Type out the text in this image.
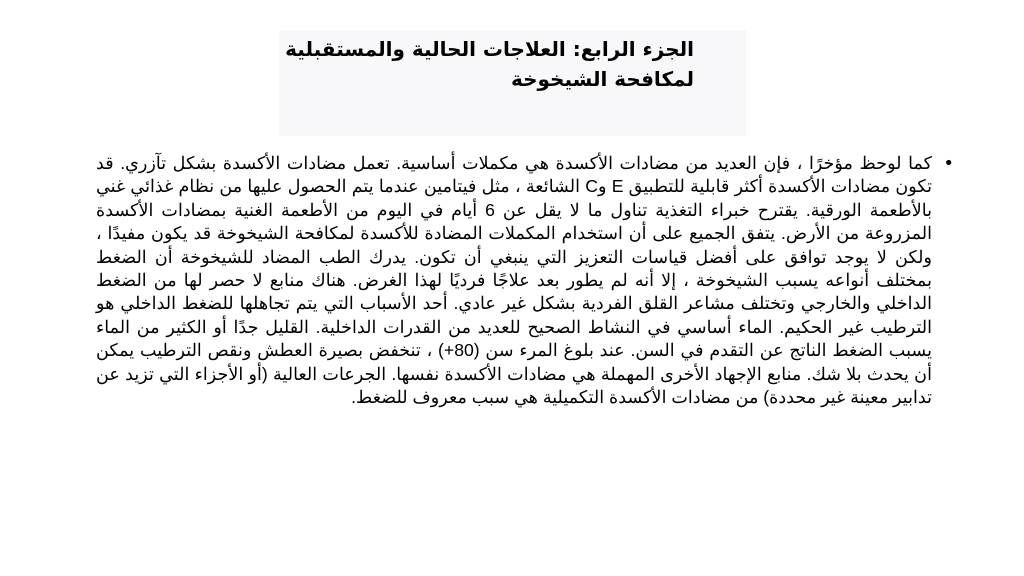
الجزء الرابع: العلاجات الحالية والمستقبلية
لمكافحة الشيخوخة
•

كما لوحظ مؤخرًا ، فإن العديد من مضادات الأكسدة هي مكملات أساسية. تعمل مضادات الأكسدة بشكل تآزري. قد تكون مضادات الأكسدة أكثر قابلية للتطبيق E وC الشائعة ، مثل فيتامين عندما يتم الحصول عليها من نظام غذائي غني بالأطعمة الورقية. يقترح خبراء التغذية تناول ما لا يقل عن 6 أيام في اليوم من الأطعمة الغنية بمضادات الأكسدة المزروعة من الأرض. يتفق الجميع على أن استخدام المكملات المضادة للأكسدة لمكافحة الشيخوخة قد يكون مفيدًا ، ولكن لا يوجد توافق على أفضل قياسات التعزيز التي ينبغي أن تكون. يدرك الطب المضاد للشيخوخة أن الضغط بمختلف أنواعه يسبب الشيخوخة ، إلا أنه لم يطور بعد علاجًا فرديًا لهذا الغرض. هناك منابع لا حصر لها من الضغط الداخلي والخارجي وتختلف مشاعر القلق الفردية بشكل غير عادي. أحد الأسباب التي يتم تجاهلها للضغط الداخلي هو الترطيب غير الحكيم. الماء أساسي في النشاط الصحيح للعديد من القدرات الداخلية. القليل جدًا أو الكثير من الماء يسبب الضغط الناتج عن التقدم في السن. عند بلوغ المرء سن (80+) ، تنخفض بصيرة العطش ونقص الترطيب يمكن أن يحدث بلا شك. منابع الإجهاد الأخرى المهملة هي مضادات الأكسدة نفسها. الجرعات العالية (أو الأجزاء التي تزيد عن تدابير معينة غير محددة) من مضادات الأكسدة التكميلية هي سبب معروف للضغط.
